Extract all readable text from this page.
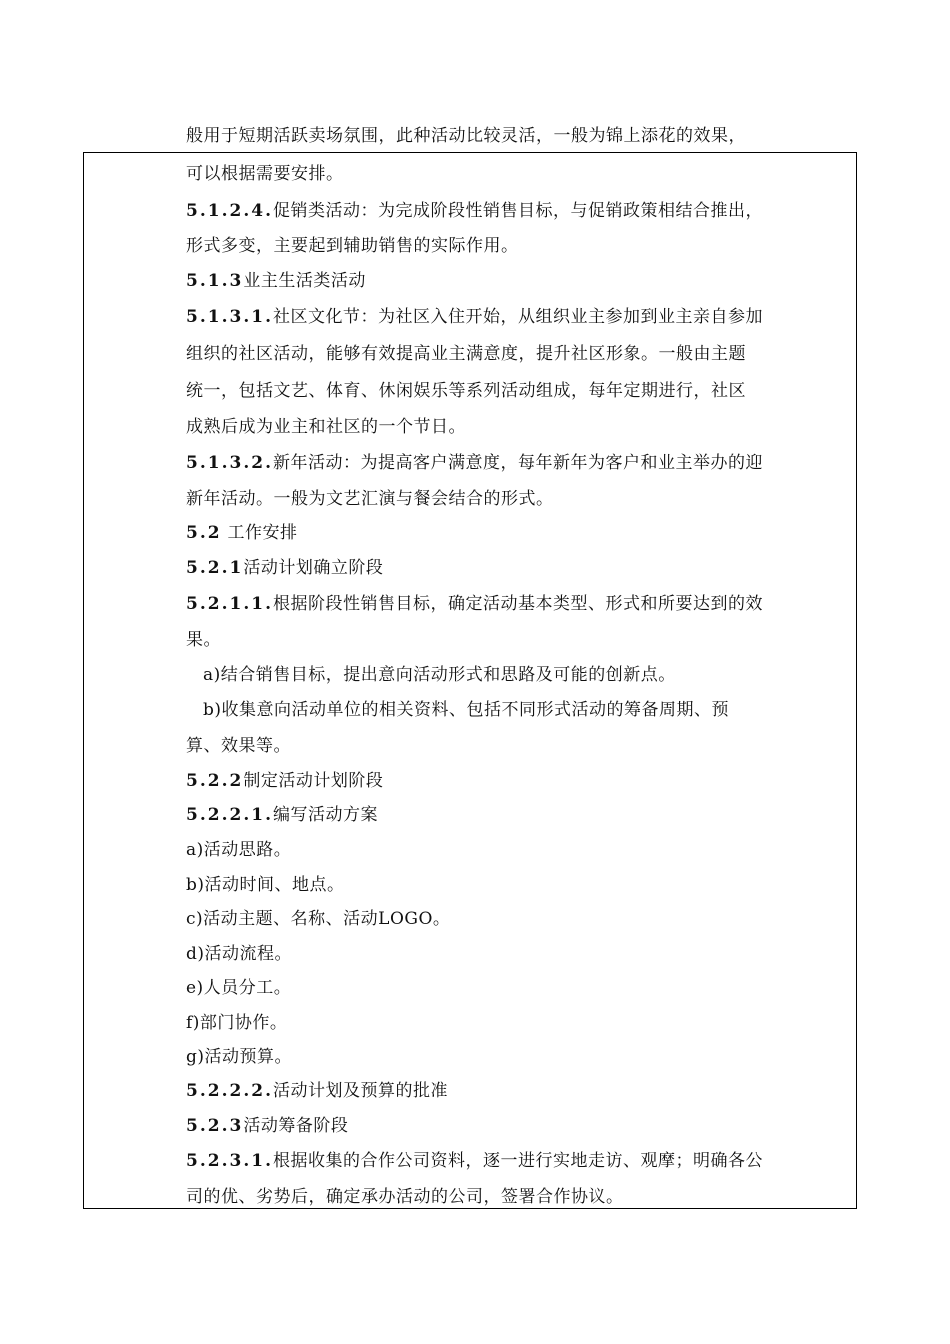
般用于短期活跃卖场氛围，此种活动比较灵活，一般为锦上添花的效果，
可以根据需要安排。
5.1.2.4.促销类活动：为完成阶段性销售目标，与促销政策相结合推出，
形式多变，主要起到辅助销售的实际作用。
5.1.3业主生活类活动
5.1.3.1.社区文化节：为社区入住开始，从组织业主参加到业主亲自参加
组织的社区活动，能够有效提高业主满意度，提升社区形象。一般由主题
统一，包括文艺、体育、休闲娱乐等系列活动组成，每年定期进行，社区
成熟后成为业主和社区的一个节日。
5.1.3.2.新年活动：为提高客户满意度，每年新年为客户和业主举办的迎
新年活动。一般为文艺汇演与餐会结合的形式。
5.2 工作安排
5.2.1活动计划确立阶段
5.2.1.1.根据阶段性销售目标，确定活动基本类型、形式和所要达到的效
果。
a)结合销售目标，提出意向活动形式和思路及可能的创新点。
b)收集意向活动单位的相关资料、包括不同形式活动的筹备周期、预
算、效果等。
5.2.2制定活动计划阶段
5.2.2.1.编写活动方案
a)活动思路。
b)活动时间、地点。
c)活动主题、名称、活动LOGO。
d)活动流程。
e)人员分工。
f)部门协作。
g)活动预算。
5.2.2.2.活动计划及预算的批准
5.2.3活动筹备阶段
5.2.3.1.根据收集的合作公司资料，逐一进行实地走访、观摩；明确各公
司的优、劣势后，确定承办活动的公司，签署合作协议。
